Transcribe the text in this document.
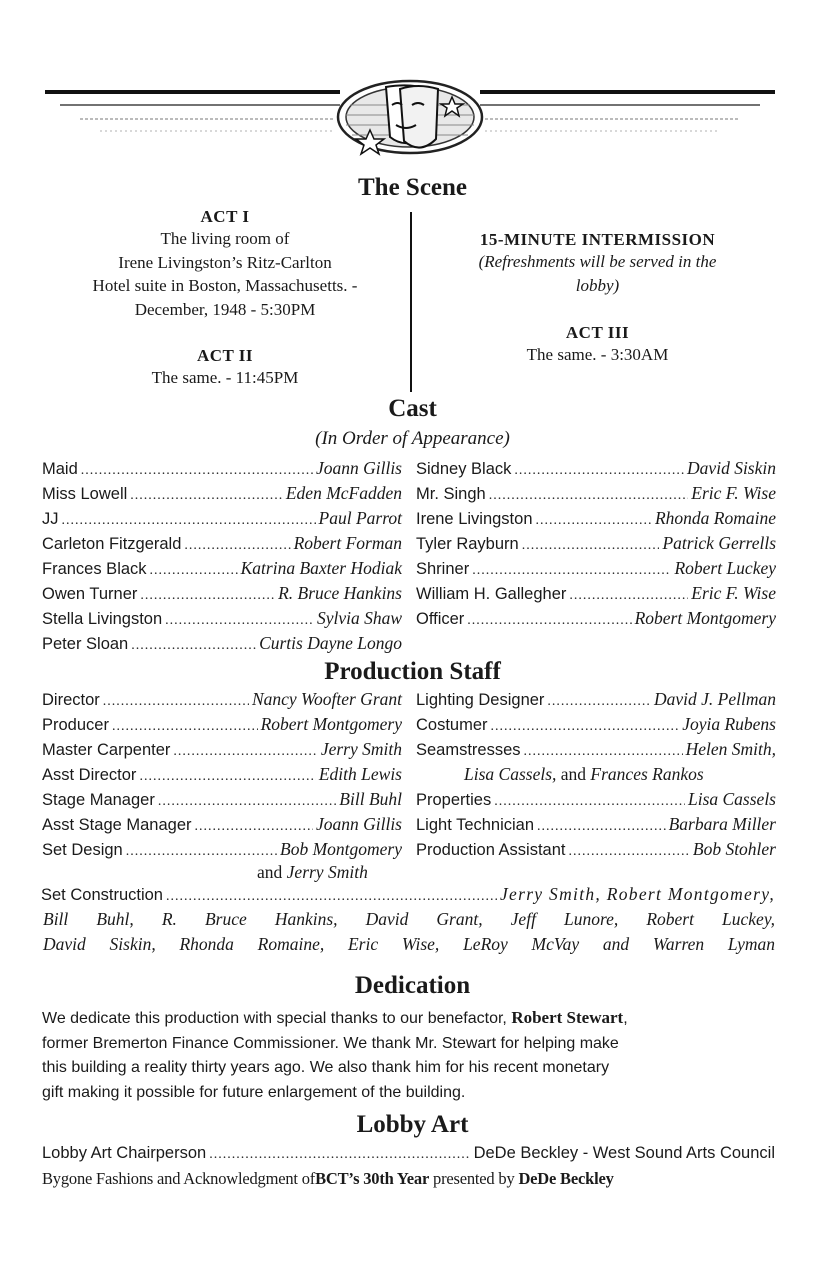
The Scene
ACT I
The living room of
Irene Livingston’s Ritz-Carlton
Hotel suite in Boston, Massachusetts. -
December, 1948 - 5:30PM
ACT II
The same. - 11:45PM
15-MINUTE INTERMISSION
(Refreshments will be served in the
lobby)
ACT III
The same. - 3:30AM
Cast
(In Order of Appearance)
Maid .....	Joann Gillis
Miss Lowell .....	Eden McFadden
JJ .....	Paul Parrot
Carleton Fitzgerald .....	Robert Forman
Frances Black .....	Katrina Baxter Hodiak
Owen Turner .....	R. Bruce Hankins
Stella Livingston .....	Sylvia Shaw
Peter Sloan .....	Curtis Dayne Longo
Sidney Black .....	David Siskin
Mr. Singh .....	Eric F. Wise
Irene Livingston .....	Rhonda Romaine
Tyler Rayburn .....	Patrick Gerrells
Shriner .....	Robert Luckey
William H. Gallegher .....	Eric F. Wise
Officer .....	Robert Montgomery
Production Staff
Director .....	Nancy Woofter Grant
Producer .....	Robert Montgomery
Master Carpenter .....	Jerry Smith
Asst Director .....	Edith Lewis
Stage Manager .....	Bill Buhl
Asst Stage Manager .....	Joann Gillis
Set Design .....	Bob Montgomery
and Jerry Smith
Lighting Designer .....	David J. Pellman
Costumer .....	Joyia Rubens
Seamstresses .....	Helen Smith,
Lisa Cassels, and Frances Rankos
Properties .....	Lisa Cassels
Light Technician .....	Barbara Miller
Production Assistant .....	Bob Stohler
Set Construction .....	Jerry Smith, Robert Montgomery,
Bill Buhl, R. Bruce Hankins, David Grant, Jeff Lunore, Robert Luckey,
David Siskin, Rhonda Romaine, Eric Wise, LeRoy McVay and Warren Lyman
Dedication
We dedicate this production with special thanks to our benefactor, Robert Stewart,
former Bremerton Finance Commissioner. We thank Mr. Stewart for helping make
this building a reality thirty years ago. We also thank him for his recent monetary
gift making it possible for future enlargement of the building.
Lobby Art
Lobby Art Chairperson .....	DeDe Beckley - West Sound Arts Council
Bygone Fashions and Acknowledgment ofBCT’s 30th Year presented by DeDe Beckley
